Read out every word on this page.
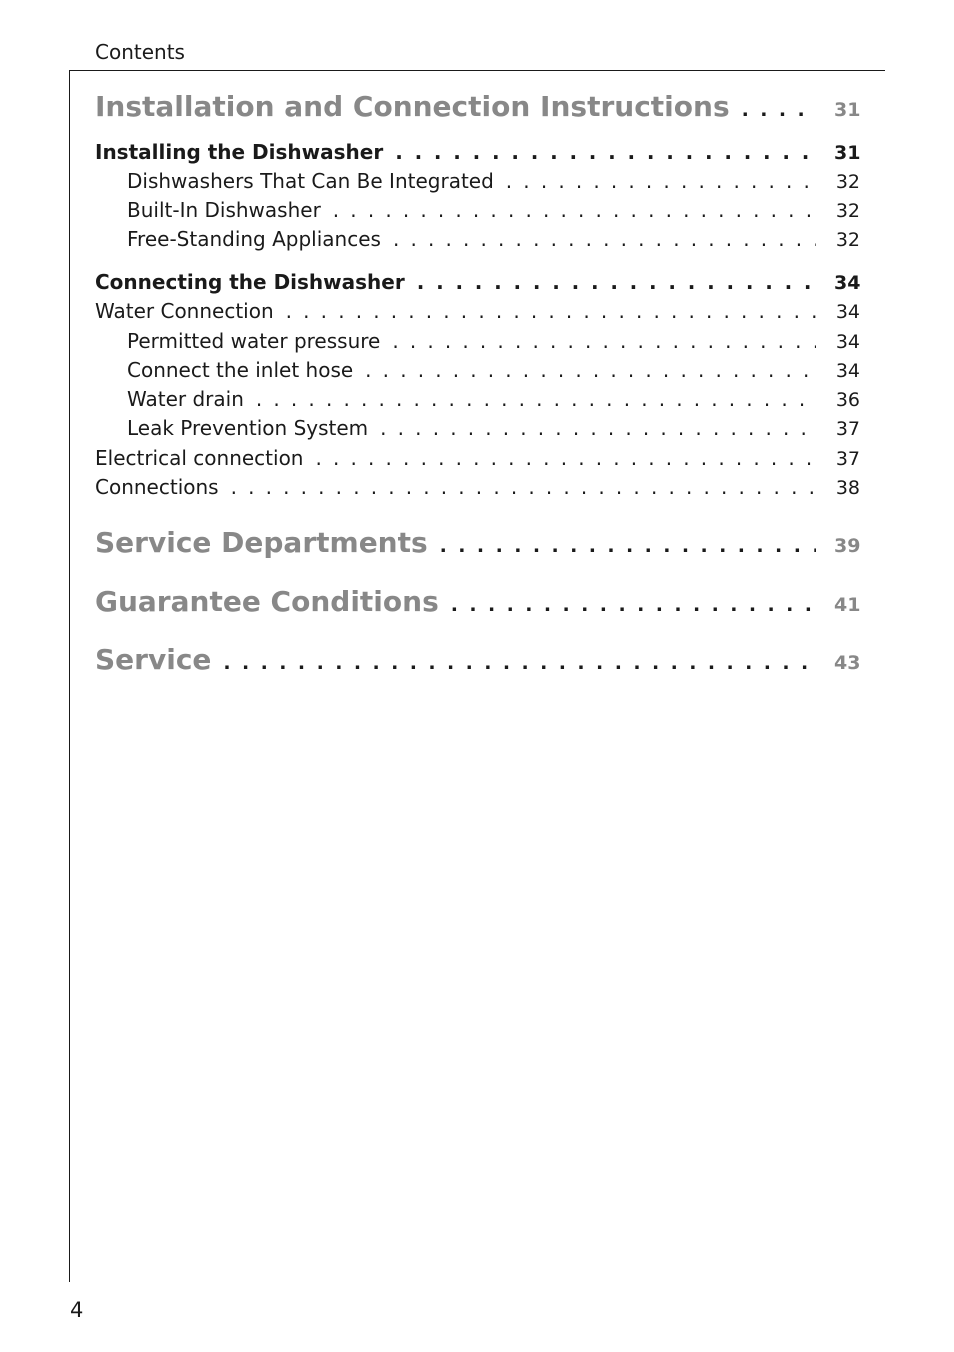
Contents
Installation and Connection Instructions . . .	31
Installing the Dishwasher . . .	31
Dishwashers That Can Be Integrated . . .	32
Built-In Dishwasher . . .	32
Free-Standing Appliances . . .	32
Connecting the Dishwasher . . .	34
Water Connection . . .	34
Permitted water pressure . . .	34
Connect the inlet hose . . .	34
Water drain . . .	36
Leak Prevention System . . .	37
Electrical connection . . .	37
Connections . . .	38
Service Departments . . .	39
Guarantee Conditions . . .	41
Service . . .	43
4
